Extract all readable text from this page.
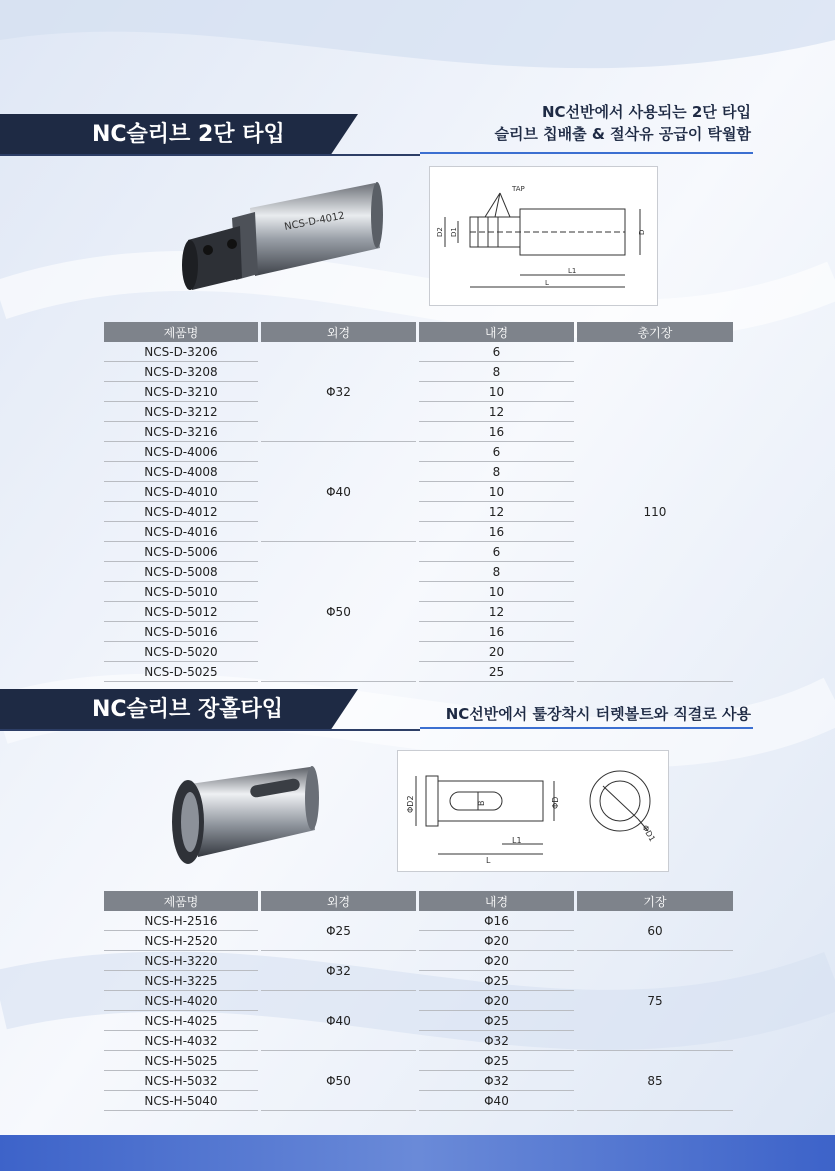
NC슬리브 2단 타입
NC선반에서 사용되는 2단 타입
슬리브 칩배출 & 절삭유 공급이 탁월함
NCS-D-4012
TAP
D2 D1	D
L1
L
제품명		외경		내경		총기장
NCS-D-3206		Φ32		6		110
NCS-D-3208				8		
NCS-D-3210				10		
NCS-D-3212				12		
NCS-D-3216				16		
NCS-D-4006		Φ40		6		
NCS-D-4008				8		
NCS-D-4010				10		
NCS-D-4012				12		
NCS-D-4016				16		
NCS-D-5006		Φ50		6		
NCS-D-5008				8		
NCS-D-5010				10		
NCS-D-5012				12		
NCS-D-5016				16		
NCS-D-5020				20		
NCS-D-5025				25		
NC슬리브 장홀타입	NC선반에서 툴장착시 터렛볼트와 직결로 사용
ΦD2	B	ΦD
L1
L
ΦD1
제품명		외경		내경		기장
NCS-H-2516		Φ25		Φ16		60
NCS-H-2520				Φ20		
NCS-H-3220		Φ32		Φ20		75
NCS-H-3225				Φ25		
NCS-H-4020		Φ40		Φ20		
NCS-H-4025				Φ25		
NCS-H-4032				Φ32		
NCS-H-5025		Φ50		Φ25		85
NCS-H-5032				Φ32		
NCS-H-5040				Φ40		
